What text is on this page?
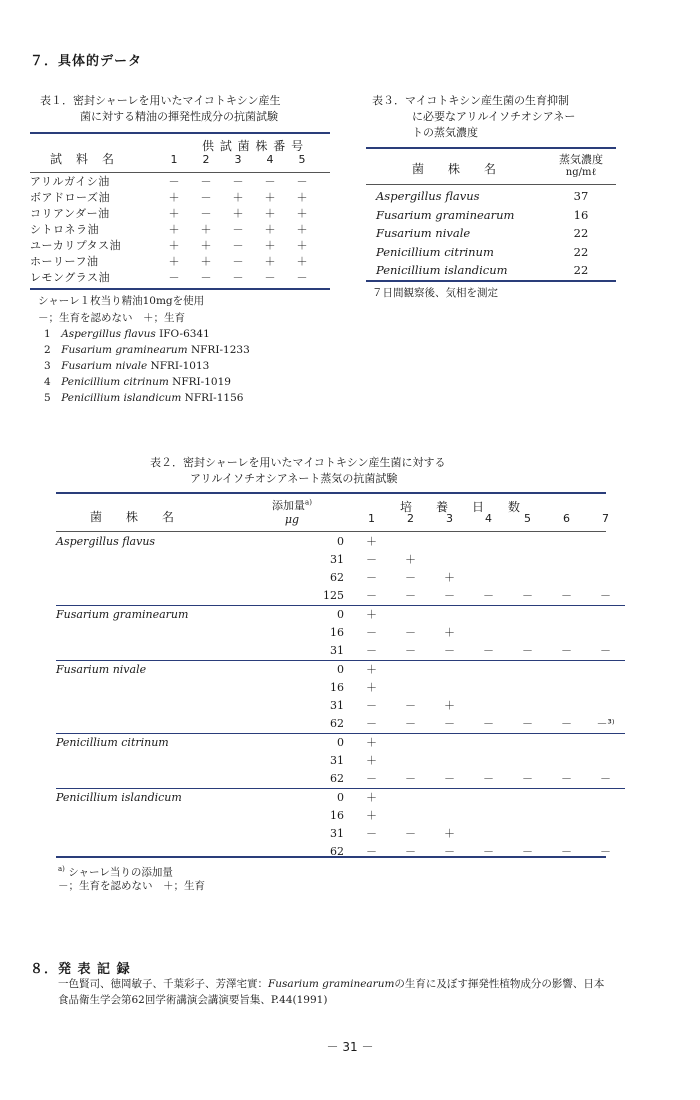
７．具体的データ
表１．密封シャーレを用いたマイコトキシン産生
菌に対する精油の揮発性成分の抗菌試験
試　料　名
供 試 菌 株 番 号
	1	2	3	4	5
アリルガイシ油	－	－	－	－	－
ボアドローズ油	＋	－	＋	＋	＋
コリアンダー油	＋	－	＋	＋	＋
シトロネラ油	＋	＋	－	＋	＋
ユーカリプタス油	＋	＋	－	＋	＋
ホーリーフ油	＋	＋	－	＋	＋
レモングラス油	－	－	－	－	－
シャーレ１枚当り精油10mgを使用
－；生育を認めない　＋；生育
1　 Aspergillus flavus IFO-6341
2　 Fusarium graminearum NFRI-1233
3　 Fusarium nivale NFRI-1013
4　 Penicillium citrinum NFRI-1019
5　 Penicillium islandicum NFRI-1156
表３．マイコトキシン産生菌の生育抑制
に必要なアリルイソチオシアネー
トの蒸気濃度
菌　　株　　名
蒸気濃度
ng/mℓ
Aspergillus flavus	37
Fusarium graminearum	16
Fusarium nivale	22
Penicillium citrinum	22
Penicillium islandicum	22
７日間観察後、気相を測定
表２．密封シャーレを用いたマイコトキシン産生菌に対する
アリルイソチオシアネート蒸気の抗菌試験
菌　　株　　名
添加量$^{a)}$
μg
培　　養　　日　　数
		1	2	3	4	5	6	7
Aspergillus flavus	0	＋						
	31	－	＋					
	62	－	－	＋				
	125	－	－	－	－	－	－	－
Fusarium graminearum	0	＋						
	16	－	－	＋				
	31	－	－	－	－	－	－	－
Fusarium nivale	0	＋						
	16	＋						
	31	－	－	＋				
	62	－	－	－	－	－	－	－³⁾
Penicillium citrinum	0	＋						
	31	＋						
	62	－	－	－	－	－	－	－
Penicillium islandicum	0	＋						
	16	＋						
	31	－	－	＋				
	62	－	－	－	－	－	－	－
$^{a)}$ シャーレ当りの添加量
－；生育を認めない　＋；生育
８．発 表 記 録
一色賢司、徳岡敏子、千葉彩子、芳澤宅實：Fusarium graminearumの生育に及ぼす揮発性植物成分の影響、日本
食品衛生学会第62回学術講演会講演要旨集、P.44(1991)
－ 31 －
